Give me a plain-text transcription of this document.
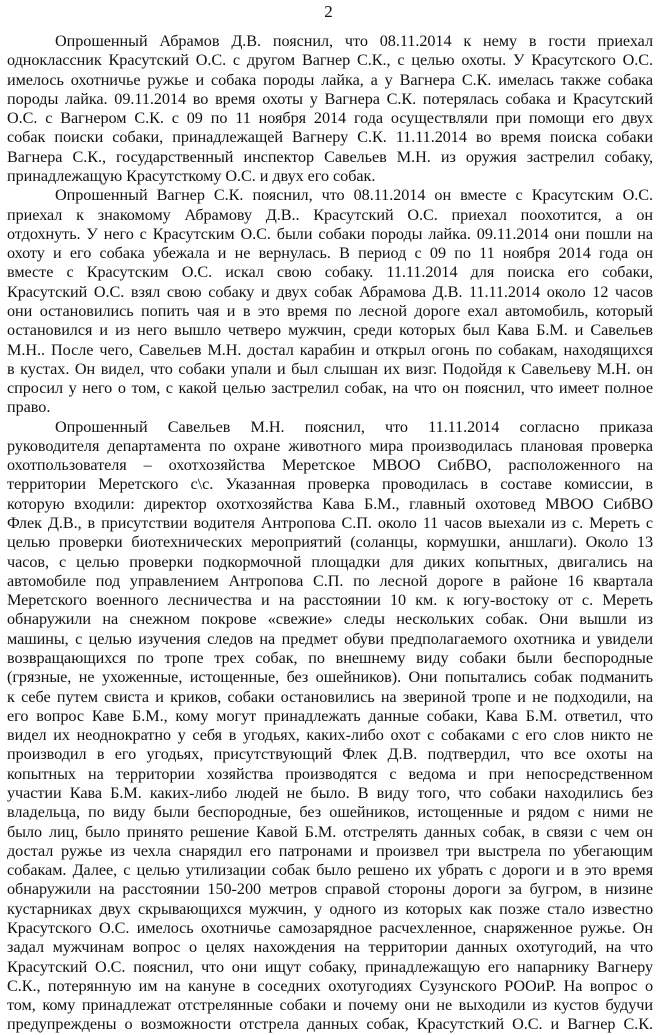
2
Опрошенный Абрамов Д.В. пояснил, что 08.11.2014 к нему в гости приехал
одноклассник Красутский О.С. с другом Вагнер С.К., с целью охоты. У Красутского О.С.
имелось охотничье ружье и собака породы лайка, а у Вагнера С.К. имелась также собака
породы лайка. 09.11.2014 во время охоты у Вагнера С.К. потерялась собака и Красутский
О.С. с Вагнером С.К. с 09 по 11 ноября 2014 года осуществляли при помощи его двух
собак поиски собаки, принадлежащей Вагнеру С.К. 11.11.2014 во время поиска собаки
Вагнера С.К., государственный инспектор Савельев М.Н. из оружия застрелил собаку,
принадлежащую Красутсткому О.С. и двух его собак.
Опрошенный Вагнер С.К. пояснил, что 08.11.2014 он вместе с Красутским О.С.
приехал к знакомому Абрамову Д.В.. Красутский О.С. приехал поохотится, а он
отдохнуть. У него с Красутским О.С. были собаки породы лайка. 09.11.2014 они пошли на
охоту и его собака убежала и не вернулась. В период с 09 по 11 ноября 2014 года он
вместе с Красутским О.С. искал свою собаку. 11.11.2014 для поиска его собаки,
Красутский О.С. взял свою собаку и двух собак Абрамова Д.В. 11.11.2014 около 12 часов
они остановились попить чая и в это время по лесной дороге ехал автомобиль, который
остановился и из него вышло четверо мужчин, среди которых был Кава Б.М. и Савельев
М.Н.. После чего, Савельев М.Н. достал карабин и открыл огонь по собакам, находящихся
в кустах. Он видел, что собаки упали и был слышан их визг. Подойдя к Савельеву М.Н. он
спросил у него о том, с какой целью застрелил собак, на что он пояснил, что имеет полное
право.
Опрошенный Савельев М.Н. пояснил, что 11.11.2014 согласно приказа
руководителя департамента по охране животного мира производилась плановая проверка
охотпользователя – охотхозяйства Меретское МВОО СибВО, расположенного на
территории Меретского с\с. Указанная проверка проводилась в составе комиссии, в
которую входили: директор охотхозяйства Кава Б.М., главный охотовед МВОО СибВО
Флек Д.В., в присутствии водителя Антропова С.П. около 11 часов выехали из с. Мереть с
целью проверки биотехнических мероприятий (соланцы, кормушки, аншлаги). Около 13
часов, с целью проверки подкормочной площадки для диких копытных, двигались на
автомобиле под управлением Антропова С.П. по лесной дороге в районе 16 квартала
Меретского военного лесничества и на расстоянии 10 км. к югу-востоку от с. Мереть
обнаружили на снежном покрове «свежие» следы нескольких собак. Они вышли из
машины, с целью изучения следов на предмет обуви предполагаемого охотника и увидели
возвращающихся по тропе трех собак, по внешнему виду собаки были беспородные
(грязные, не ухоженные, истощенные, без ошейников). Они попытались собак подманить
к себе путем свиста и криков, собаки остановились на звериной тропе и не подходили, на
его вопрос Каве Б.М., кому могут принадлежать данные собаки, Кава Б.М. ответил, что
видел их неоднократно у себя в угодьях, каких-либо охот с собаками с его слов никто не
производил в его угодьях, присутствующий Флек Д.В. подтвердил, что все охоты на
копытных на территории хозяйства производятся с ведома и при непосредственном
участии Кава Б.М. каких-либо людей не было. В виду того, что собаки находились без
владельца, по виду были беспородные, без ошейников, истощенные и рядом с ними не
было лиц, было принято решение Кавой Б.М. отстрелять данных собак, в связи с чем он
достал ружье из чехла снарядил его патронами и произвел три выстрела по убегающим
собакам. Далее, с целью утилизации собак было решено их убрать с дороги и в это время
обнаружили на расстоянии 150-200 метров справой стороны дороги за бугром, в низине
кустарниках двух скрывающихся мужчин, у одного из которых как позже стало известно
Красутского О.С. имелось охотничье самозарядное расчехленное, снаряженное ружье. Он
задал мужчинам вопрос о целях нахождения на территории данных охотугодий, на что
Красутский О.С. пояснил, что они ищут собаку, принадлежащую его напарнику Вагнеру
С.К., потерянную им на кануне в соседних охотугодиях Сузунского РООиР. На вопрос о
том, кому принадлежат отстрелянные собаки и почему они не выходили из кустов будучи
предупреждены о возможности отстрела данных собак, Красутсткий О.С. и Вагнер С.К.
